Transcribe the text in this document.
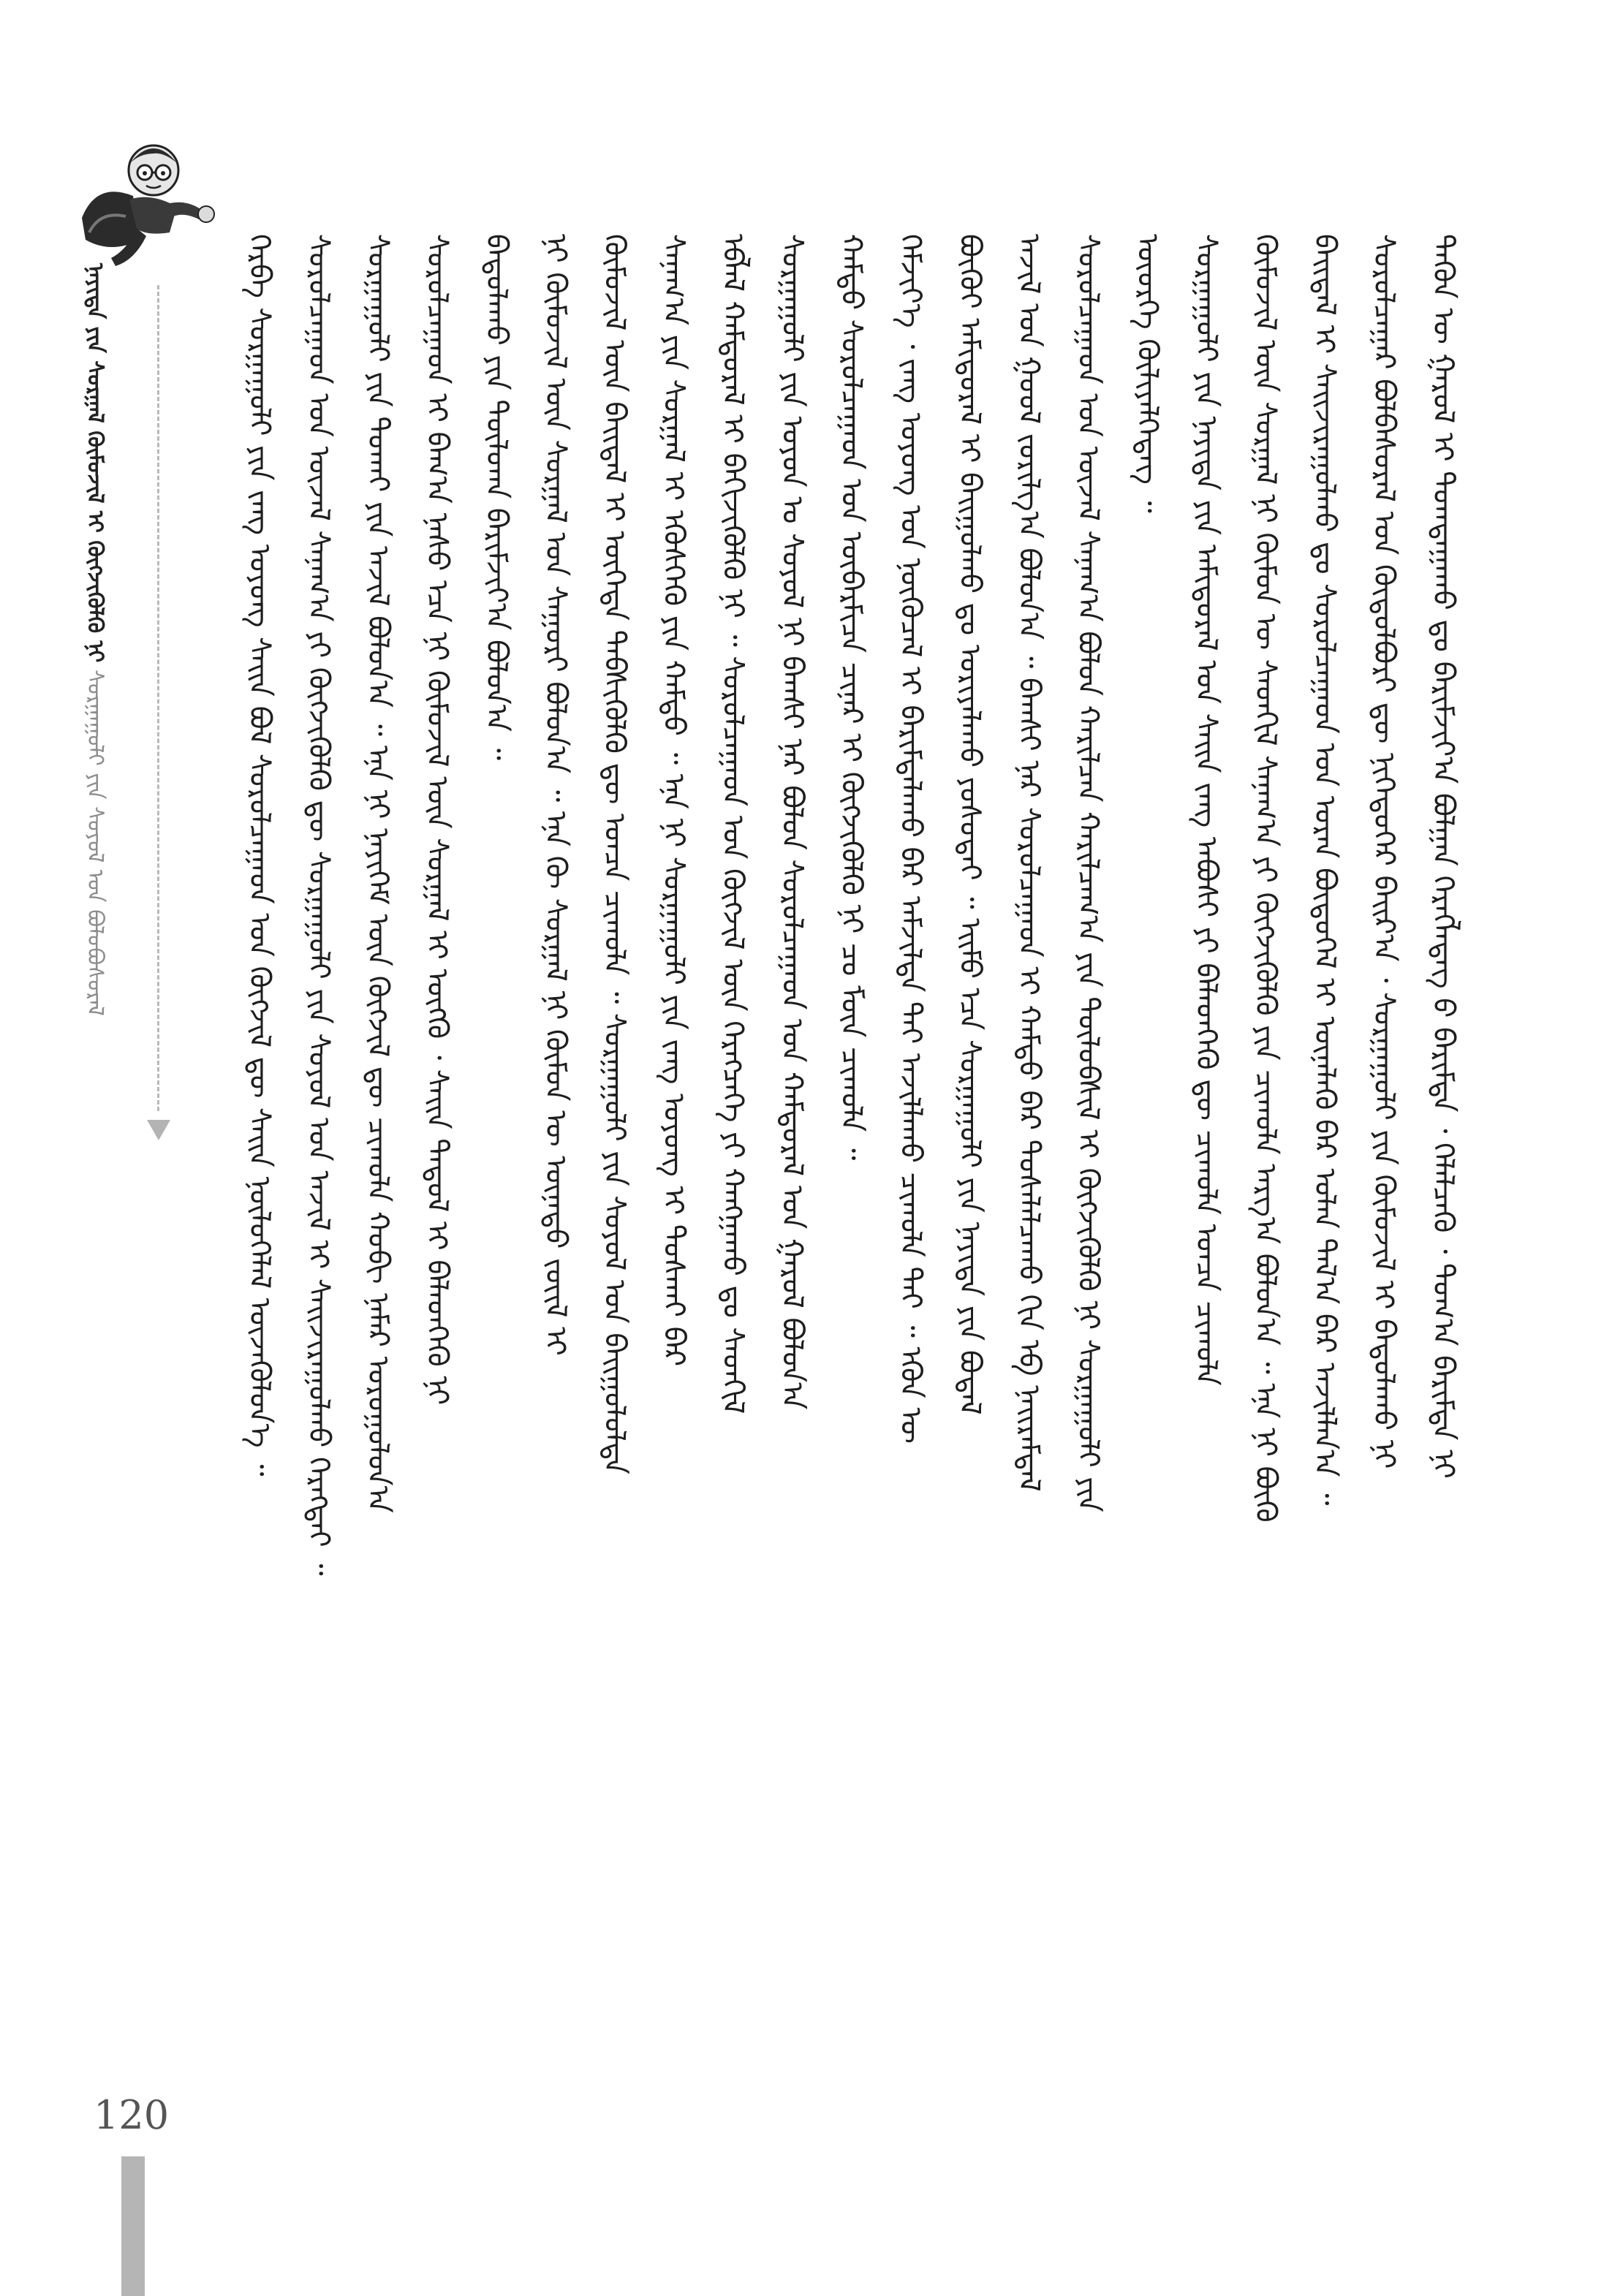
ᠨᠡᠶᠢᠲᠡ ᠶᠢᠨ ᠰᠤᠷᠭᠠᠯ ᠬᠦᠮᠦᠵᠢᠯ ᠢ ᠬᠥᠭᠵᠢᠭᠦᠯᠬᠦ ᠨᠢ
ᠰᠤᠷᠭᠠᠭᠤᠯᠢ ᠶᠢᠨ ᠰᠣᠶᠤᠯ ᠤᠨ ᠪᠤᠯᠤᠪᠤᠰᠤᠷᠠᠯ	ᠲᠡᠭᠦᠨ ᠦ ᠭᠠᠷᠤᠯ ᠢ ᠲᠣᠭᠲᠠᠭᠠᠬᠤ ᠳᠤ ᠪᠠᠷᠢᠮᠵᠢᠶ᠎ᠠ ᠪᠣᠯᠭᠠᠨ ᠬᠡᠷᠡᠭᠯᠡᠳᠡᠭ ᠦ᠌ ᠪᠠᠷᠢᠮᠲᠠ ᠂ ᠬᠡᠯᠡᠯᠴᠡᠬᠦ ᠂ ᠲᠣᠭ᠎ᠠ ᠪᠠᠷᠢᠮᠲᠠ ᠨᠢ
ᠰᠤᠷᠤᠯᠴᠠᠭ᠋ᠠᠷ ᠪᠣᠯᠪᠠᠰᠤᠷᠠᠯ ᠤᠨ ᠬᠥᠲᠥᠯᠪᠦᠷᠢ ᠳᠦ ᠨᠢᠭᠡᠳᠦᠭᠡᠷ ᠪᠠᠢᠷ᠎ᠠ ᠂ ᠰᠤᠷᠭᠠᠭᠤᠯᠢ ᠶᠢᠨ ᠬᠦᠮᠦᠵᠢᠯ ᠢ ᠪᠠᠲᠤᠯᠠᠬᠤ ᠨᠢ
ᠪᠠᠢᠳᠠᠯ ᠢ ᠰᠠᠢᠵᠢᠷᠠᠭᠤᠯᠬᠤ ᠳᠤ ᠰᠤᠷᠤᠯᠴᠠᠭ᠋ᠠᠳ ᠤᠨ ᠤᠷᠠᠨ ᠪᠦᠲᠦᠭᠡᠯ ᠢ ᠦᠨᠡᠯᠡᠬᠦ ᠪᠡᠷ ᠣᠯᠠᠨ ᠲᠠᠯ᠎ᠠ ᠪᠠᠷ ᠠᠵᠢᠯᠯᠠᠨ᠎ᠠ ᠃
ᠬᠦᠮᠦᠵᠢᠯ ᠦᠨ ᠰᠤᠷᠭᠠᠯ ᠨᠢ ᠬᠦᠮᠦᠨ ᠦ ᠰᠡᠳᠬᠢᠯ ᠰᠠᠨᠠᠭ᠎ᠠ ᠶᠢ ᠬᠥᠭᠵᠢᠭᠦᠯᠬᠦ ᠶᠢᠨ ᠴᠢᠬᠤᠯᠠ ᠠᠷᠭ᠎ᠠ ᠪᠣᠯᠤᠨ᠎ᠠ ᠃ ᠡᠨᠡ ᠨᠢ ᠪᠦᠬᠦ
ᠰᠤᠷᠭᠠᠭᠤᠯᠢ ᠶᠢᠨ ᠨᠡᠶᠢᠲᠡ ᠶᠢᠨ ᠠᠮᠢᠳᠤᠷᠠᠯ ᠤᠨ ᠰᠠᠢᠨ ᠵᠠᠩ ᠠᠪᠤᠰᠢ ᠶᠢ ᠪᠡᠯᠡᠳᠬᠡᠬᠦ ᠳᠦ ᠴᠢᠬᠤᠯᠠ ᠣᠨᠴᠠ ᠴᠢᠬᠤᠯᠠ
ᠦᠦᠷᠭᠡ ᠬᠦᠯᠢᠶᠡᠯᠭᠡᠳᠡᠭ ᠃
ᠰᠤᠷᠤᠯᠴᠠᠭ᠋ᠠᠳ ᠤᠨ ᠦᠵᠡᠯ ᠰᠠᠨᠠᠭ᠎ᠠ ᠪᠣᠯᠤᠨ ᠬᠠᠷᠢᠯᠴᠠᠨ ᠬᠠᠷᠢᠯᠴᠠᠭ᠎ᠠ ᠶᠢᠨ ᠲᠥᠯᠦᠪᠰᠢᠯ ᠢ ᠬᠥᠭᠵᠢᠭᠦᠯᠬᠦ ᠨᠢ ᠰᠤᠷᠭᠠᠭᠤᠯᠢ ᠶᠢᠨ
ᠠᠵᠢᠯ ᠤᠨ ᠭᠣᠤᠯ ᠵᠣᠷᠢᠯᠭ᠎ᠠ ᠪᠣᠯᠤᠨ᠎ᠠ ᠃ ᠪᠠᠭᠰᠢ ᠨᠠᠷ ᠰᠤᠷᠤᠯᠴᠠᠭ᠋ᠠᠳ ᠢ ᠬᠠᠮᠲᠤ ᠪᠡᠷ ᠲᠤᠰᠠᠯᠠᠯᠴᠠᠬᠤ ᠬᠢᠨ ᠡᠪ ᠨᠠᠢᠷᠠᠮᠳᠠᠯ
ᠪᠦᠬᠦᠢ ᠠᠮᠢᠳᠤᠷᠠᠯ ᠢ ᠪᠠᠢᠭᠤᠯᠬᠤ ᠳᠤ ᠤᠷᠢᠶᠠᠯᠠᠬᠤ ᠶᠣᠰᠤᠲᠠᠢ ᠃ ᠡᠢᠮᠦ ᠡᠴᠡ ᠰᠤᠷᠭᠠᠭᠤᠯᠢ ᠶᠢᠨ ᠨᠡᠶᠢᠲᠡ ᠶᠢᠨ ᠪᠣᠳᠠᠯ
ᠬᠡᠮᠵᠢᠶ᠎ᠡ ᠂ ᠵᠠᠩ ᠤᠶᠤᠩ ᠤᠨ ᠨᠥᠬᠥᠴᠡᠯ ᠢ ᠪᠠᠷᠢᠮᠲᠠᠯᠠᠬᠤ ᠪᠡᠷ ᠠᠮᠵᠢᠯᠲᠠ ᠲᠠᠢ ᠠᠵᠢᠯᠯᠠᠬᠤ ᠴᠢᠬᠤᠯᠠ ᠲᠠᠢ ᠃ ᠡᠭᠦᠨ ᠦ
ᠬᠠᠮᠲᠤ ᠰᠤᠷᠤᠯᠴᠠᠭ᠋ᠠᠳ ᠤᠨ ᠥᠪᠡᠷᠮᠢᠴᠡ ᠴᠢᠨᠠᠷ ᠢ ᠬᠥᠭᠵᠢᠭᠦᠯᠬᠦ ᠨᠢ ᠴᠤ ᠮᠥᠨ ᠴᠢᠬᠤᠯᠠ ᠃
ᠰᠤᠷᠭᠠᠭᠤᠯᠢ ᠶᠢᠨ ᠣᠶᠤᠨ ᠤ ᠰᠣᠶᠤᠯ ᠨᠢ ᠪᠠᠭᠰᠢ ᠨᠠᠷ ᠪᠣᠯᠤᠨ ᠰᠤᠷᠤᠯᠴᠠᠭ᠋ᠠᠳ ᠤᠨ ᠬᠠᠮᠲᠤᠷᠠᠯ ᠤᠨ ᠭᠠᠷᠤᠯ ᠪᠣᠯᠤᠨ᠎ᠠ
ᠡᠪᠯᠡᠯ ᠬᠠᠮᠲᠤᠷᠠᠯ ᠢ ᠪᠡᠬᠢᠵᠢᠭᠦᠯᠬᠦ ᠨᠢ ᠃ ᠰᠤᠷᠤᠯᠴᠠᠭ᠋ᠠᠳ ᠤᠨ ᠬᠥᠭᠵᠢᠯ ᠦᠨ ᠬᠡᠷᠡᠭᠴᠡᠭᠡ ᠶᠢ ᠬᠠᠩᠭᠠᠬᠤ ᠳᠤ ᠰᠡᠳᠬᠢᠯ
ᠰᠠᠨᠠᠭ᠎ᠠ ᠶᠢᠨ ᠰᠤᠷᠭᠠᠯ ᠢ ᠡᠭᠦᠰᠭᠡᠬᠦ ᠶᠢᠨ ᠬᠠᠮᠲᠤ ᠃ ᠡᠨᠡ ᠨᠢ ᠰᠤᠷᠭᠠᠭᠤᠯᠢ ᠶᠢᠨ ᠵᠠᠩ ᠤᠶᠤᠩ ᠢ ᠲᠤᠰᠬᠠᠢ ᠪᠡᠷ
ᠬᠦᠮᠦᠵᠢᠯ ᠦᠨ ᠪᠠᠢᠳᠠᠯ ᠢ ᠥᠭᠡᠳᠡ ᠳᠡᠪᠰᠢᠭᠦᠯᠬᠦ ᠳᠦ ᠣᠨᠴᠠ ᠴᠢᠬᠤᠯᠠ ᠃ ᠰᠤᠷᠭᠠᠭᠤᠯᠢ ᠶᠢᠨ ᠰᠣᠶᠤᠯ ᠤᠨ ᠪᠠᠢᠭᠤᠯᠤᠯᠲᠠ
ᠨᠢ ᠬᠦᠮᠦᠵᠢᠯ ᠦᠨ ᠰᠤᠷᠭᠠᠯ ᠤᠨ ᠰᠠᠭᠤᠷᠢ ᠪᠣᠯᠤᠨ᠎ᠠ ᠃ ᠡᠨᠡ ᠬᠦ ᠰᠤᠷᠭᠠᠯ ᠨᠢ ᠬᠦᠮᠦᠨ ᠦ ᠦᠨᠡᠲᠦ ᠵᠦᠢᠯ ᠢ
ᠪᠠᠳᠤᠯᠠᠬᠤ ᠶᠢᠨ ᠲᠥᠯᠦᠭ᠍ᠡ ᠪᠠᠷᠢᠮᠵᠢᠶ᠎ᠠ ᠪᠣᠯᠤᠨ᠎ᠠ ᠃
ᠰᠤᠷᠤᠯᠴᠠᠭ᠋ᠠᠳ ᠢ ᠪᠠᠭ᠎ᠠ ᠨᠠᠰᠤ ᠡᠴᠡ ᠨᠢ ᠬᠦᠮᠦᠵᠢᠯ ᠦᠨ ᠰᠤᠷᠭᠠᠯ ᠢ ᠥᠭᠬᠦ ᠂ ᠰᠠᠢᠨ ᠳᠠᠳᠤᠯ ᠢ ᠪᠡᠯᠡᠳᠬᠡᠬᠦ ᠨᠢ
ᠰᠤᠷᠭᠠᠭᠤᠯᠢ ᠶᠢᠨ ᠲᠤᠬᠠᠢ ᠶᠢᠨ ᠠᠵᠢᠯ ᠪᠣᠯᠤᠨ᠎ᠠ ᠃ ᠡᠨᠡ ᠨᠢ ᠨᠡᠶᠢᠭᠡᠮ ᠦᠨ ᠬᠥᠭᠵᠢᠯ ᠳᠦ ᠴᠢᠬᠤᠯᠠ ᠬᠤᠪᠢ ᠨᠡᠮᠡᠷ ᠣᠷᠤᠭᠤᠯᠤᠨ᠎ᠠ
ᠰᠤᠷᠤᠯᠴᠠᠭ᠋ᠠᠳ ᠤᠨ ᠦᠵᠡᠯ ᠰᠠᠨᠠᠭ᠎ᠠ ᠶᠢ ᠬᠥᠭᠵᠢᠭᠦᠯᠬᠦ ᠳᠦ ᠰᠤᠷᠭᠠᠭᠤᠯᠢ ᠶᠢᠨ ᠰᠣᠶᠤᠯ ᠤᠨ ᠠᠵᠢᠯ ᠢ ᠰᠠᠢᠵᠢᠷᠠᠭᠤᠯᠬᠤ ᠬᠡᠷᠡᠭᠲᠡᠢ ᠃
ᠬᠡᠷᠪᠡ ᠰᠤᠷᠭᠠᠭᠤᠯᠢ ᠶᠢᠨ ᠵᠠᠩ ᠤᠶᠤᠩ ᠰᠠᠢᠨ ᠪᠣᠯ ᠰᠤᠷᠤᠯᠴᠠᠭ᠋ᠠᠳ ᠤᠨ ᠬᠥᠭᠵᠢᠯ ᠳᠦ ᠰᠠᠢᠨ ᠨᠥᠯᠥᠭᠡᠯᠡᠯ ᠦᠵᠡᠭᠦᠯᠦᠨ᠎ᠡ ᠃
120
